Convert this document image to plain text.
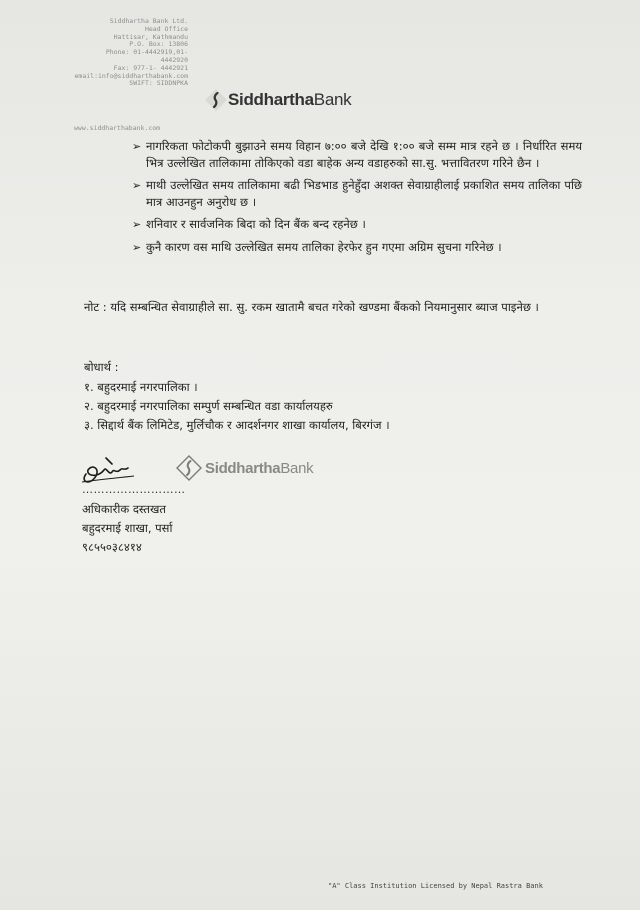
Siddhartha Bank Ltd.
Head Office
Hattisar, Kathmandu
P.O. Box: 13806
Phone: 01-4442919,01-
4442920
Fax: 977-1- 4442921
email:info@siddharthabank.com
SWIFT: SIDDNPKA
www.siddharthabank.com
SiddharthaBank
➢ नागरिकता फोटोकपी बुझाउने समय विहान ७:०० बजे देखि १:०० बजे सम्म मात्र रहने छ । निर्धारित समय भित्र उल्लेखित तालिकामा तोकिएको वडा बाहेक अन्य वडाहरुको सा.सु. भत्तावितरण गरिने छैन ।
➢ माथी उल्लेखित समय तालिकामा बढी भिडभाड हुनेहुँदा अशक्त सेवाग्राहीलाई प्रकाशित समय तालिका पछि मात्र आउनहुन अनुरोध छ ।
➢ शनिवार र सार्वजनिक बिदा को दिन बैंक बन्द रहनेछ ।
➢ कुनै कारण वस माथि उल्लेखित समय तालिका हेरफेर हुन गएमा अग्रिम सुचना गरिनेछ ।
नोट : यदि सम्बन्धित सेवाग्राहीले सा. सु. रकम खातामै बचत गरेको खण्डमा बैंकको नियमानुसार ब्याज पाइनेछ ।
बोधार्थ :
१. बहुदरमाई नगरपालिका ।
२. बहुदरमाई नगरपालिका सम्पुर्ण सम्बन्धित वडा कार्यालयहरु
३. सिद्दार्थ बैंक लिमिटेड, मुर्लिचौक र आदर्शनगर शाखा कार्यालय, बिरगंज ।
SiddharthaBank
………………………
अधिकारीक दस्तखत
बहुदरमाई शाखा, पर्सा
९८५५०३८४१४
"A" Class Institution Licensed by Nepal Rastra Bank
